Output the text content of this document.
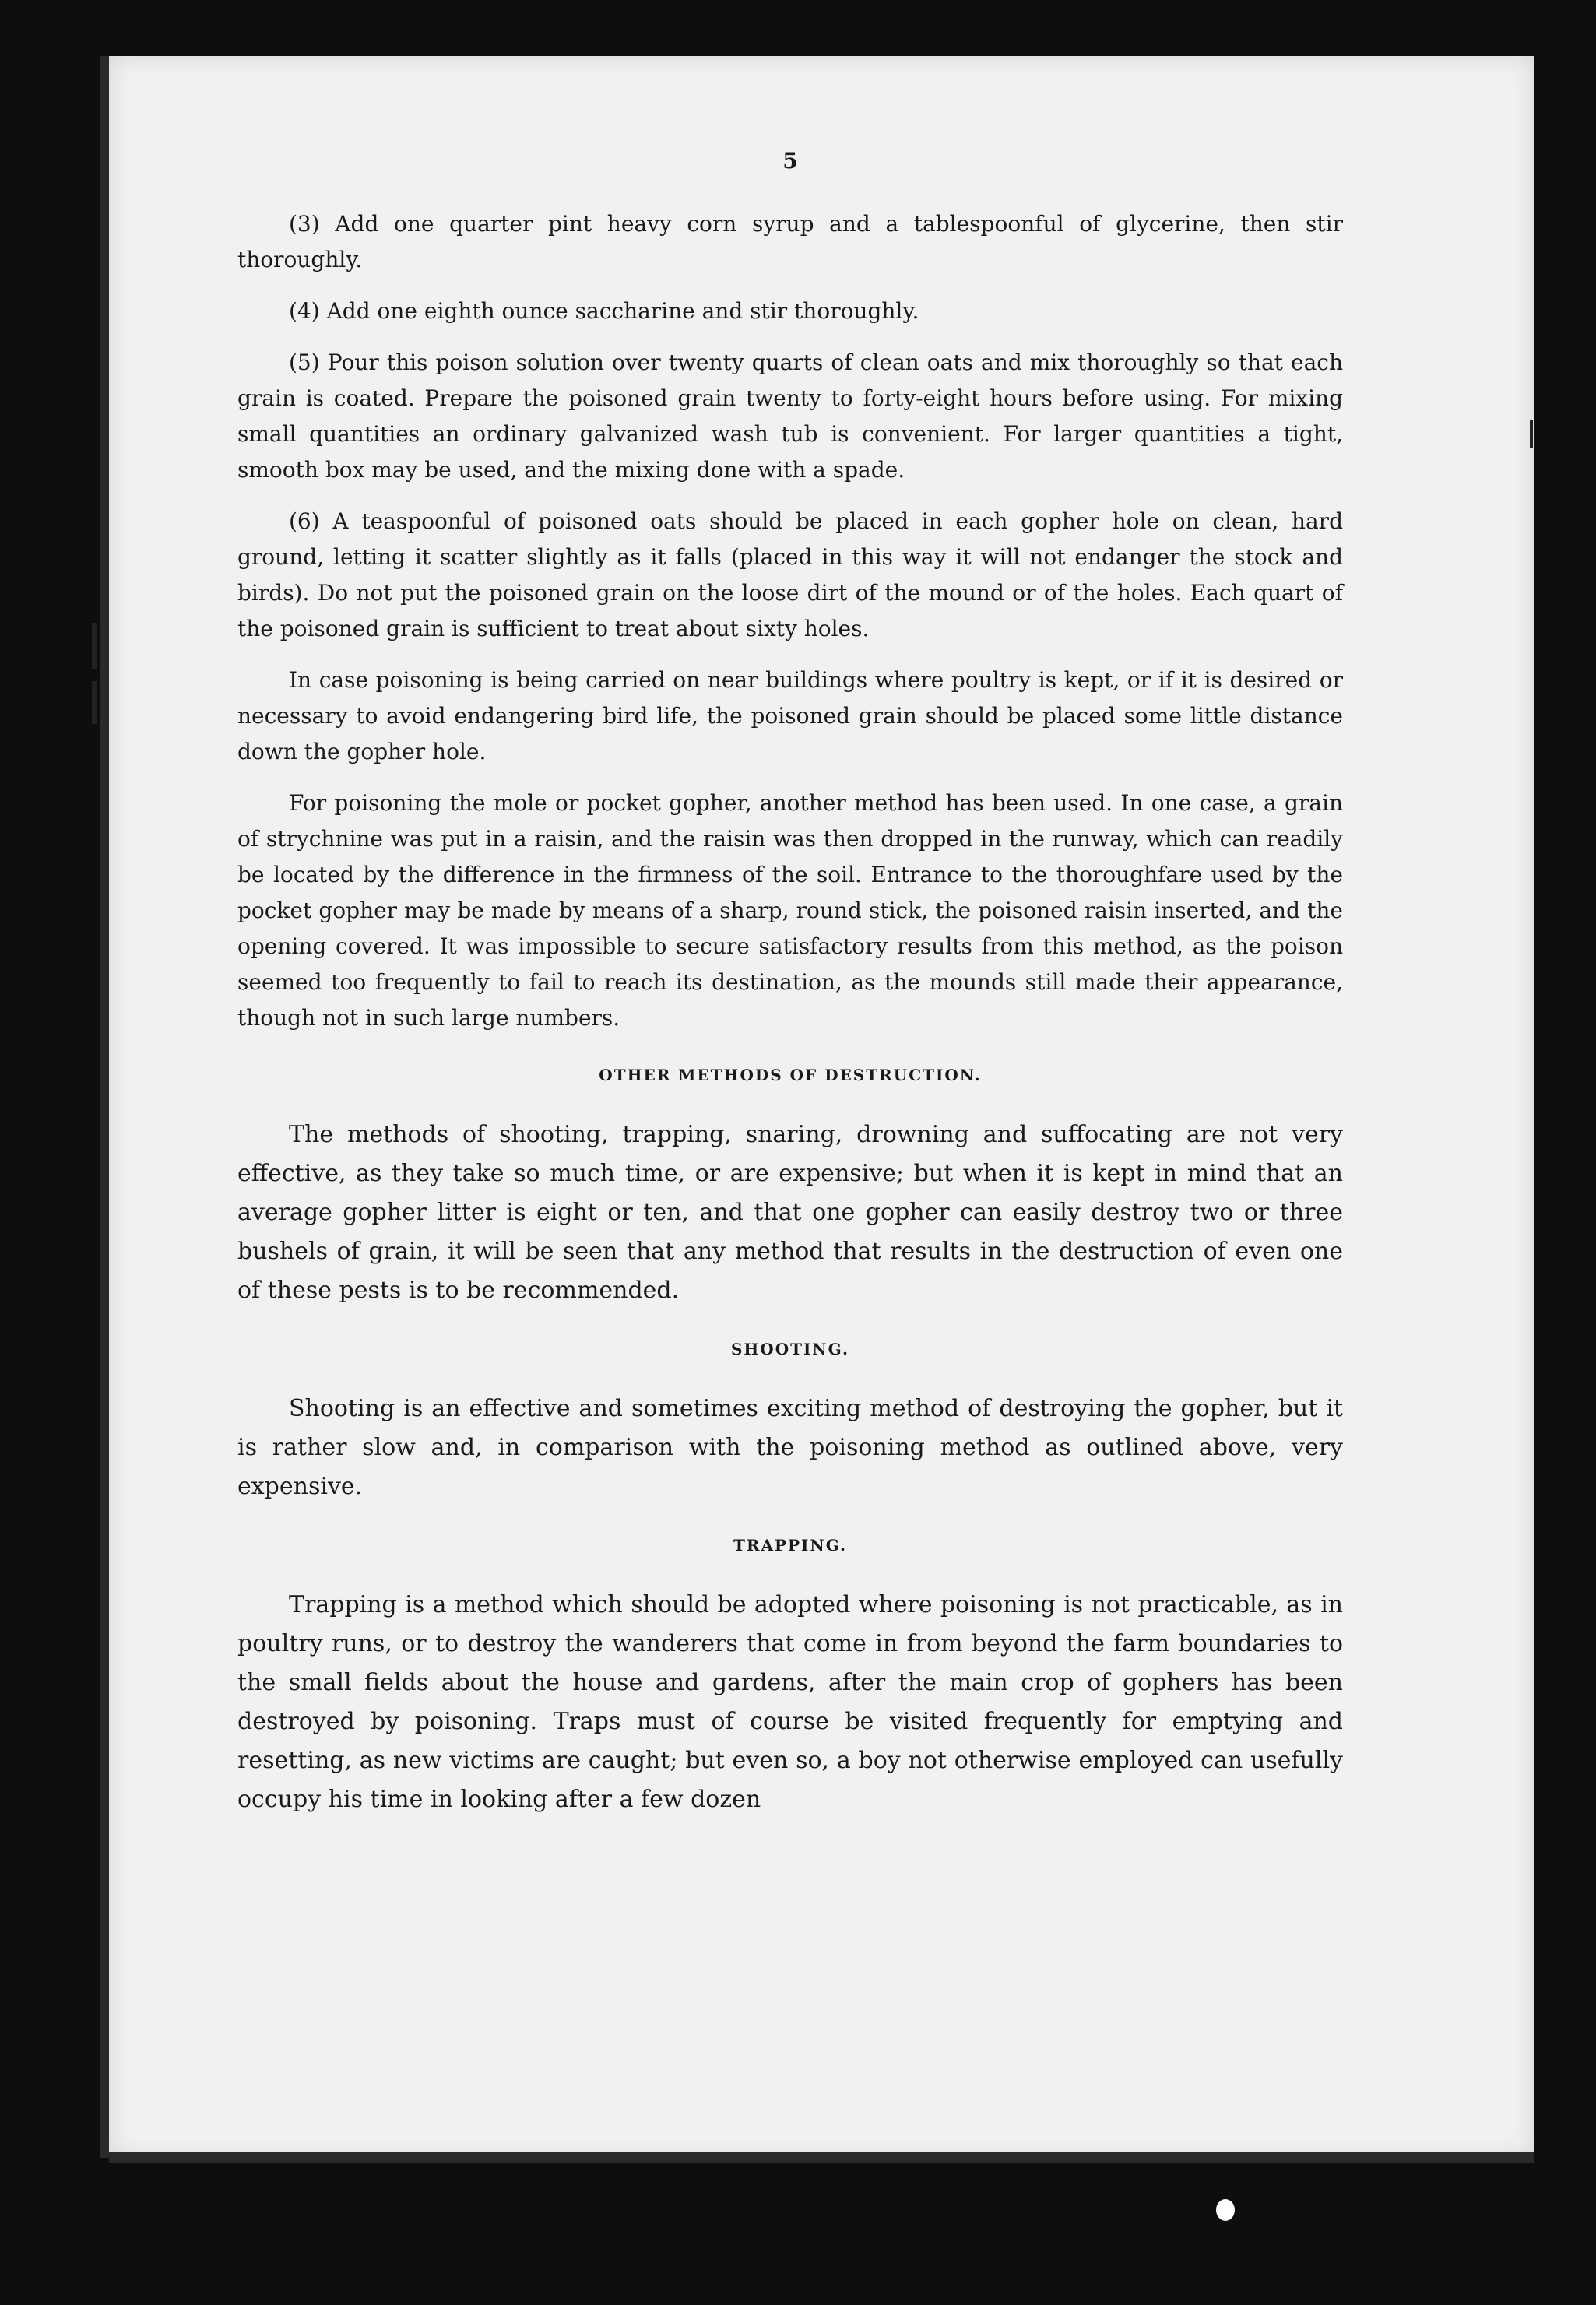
5

(3) Add one quarter pint heavy corn syrup and a tablespoonful of glycerine, then stir thoroughly.

(4) Add one eighth ounce saccharine and stir thoroughly.

(5) Pour this poison solution over twenty quarts of clean oats and mix thoroughly so that each grain is coated. Prepare the poisoned grain twenty to forty-eight hours before using. For mixing small quantities an ordinary galvanized wash tub is convenient. For larger quantities a tight, smooth box may be used, and the mixing done with a spade.

(6) A teaspoonful of poisoned oats should be placed in each gopher hole on clean, hard ground, letting it scatter slightly as it falls (placed in this way it will not endanger the stock and birds). Do not put the poisoned grain on the loose dirt of the mound or of the holes. Each quart of the poisoned grain is sufficient to treat about sixty holes.

In case poisoning is being carried on near buildings where poultry is kept, or if it is desired or necessary to avoid endangering bird life, the poisoned grain should be placed some little distance down the gopher hole.

For poisoning the mole or pocket gopher, another method has been used. In one case, a grain of strychnine was put in a raisin, and the raisin was then dropped in the runway, which can readily be located by the difference in the firmness of the soil. Entrance to the thoroughfare used by the pocket gopher may be made by means of a sharp, round stick, the poisoned raisin inserted, and the opening covered. It was impossible to secure satisfactory results from this method, as the poison seemed too frequently to fail to reach its destination, as the mounds still made their appearance, though not in such large numbers.

OTHER METHODS OF DESTRUCTION.

The methods of shooting, trapping, snaring, drowning and suffocating are not very effective, as they take so much time, or are expensive; but when it is kept in mind that an average gopher litter is eight or ten, and that one gopher can easily destroy two or three bushels of grain, it will be seen that any method that results in the destruction of even one of these pests is to be recommended.

SHOOTING.

Shooting is an effective and sometimes exciting method of destroying the gopher, but it is rather slow and, in comparison with the poisoning method as outlined above, very expensive.

TRAPPING.

Trapping is a method which should be adopted where poisoning is not practicable, as in poultry runs, or to destroy the wanderers that come in from beyond the farm boundaries to the small fields about the house and gardens, after the main crop of gophers has been destroyed by poisoning. Traps must of course be visited frequently for emptying and resetting, as new victims are caught; but even so, a boy not otherwise employed can usefully occupy his time in looking after a few dozen
